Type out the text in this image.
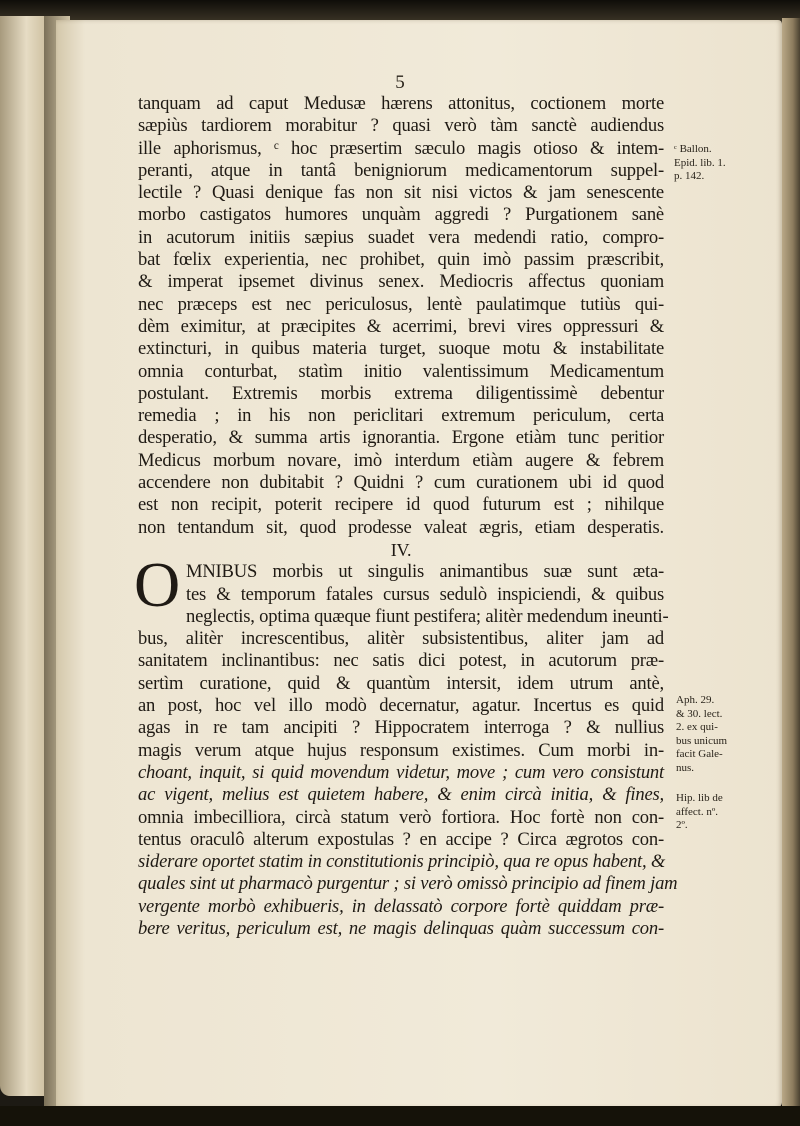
5
tanquam ad caput Medusæ hærens attonitus, coctionem morte
sæpiùs tardiorem morabitur ? quasi verò tàm sanctè audiendus
ille aphorismus, ᶜ hoc præsertim sæculo magis otioso & intem-
peranti, atque in tantâ benigniorum medicamentorum suppel-
lectile ? Quasi denique fas non sit nisi victos & jam senescente
morbo castigatos humores unquàm aggredi ? Purgationem sanè
in acutorum initiis sæpius suadet vera medendi ratio, compro-
bat fœlix experientia, nec prohibet, quin imò passim præscribit,
& imperat ipsemet divinus senex. Mediocris affectus quoniam
nec præceps est nec periculosus, lentè paulatimque tutiùs qui-
dèm eximitur, at præcipites & acerrimi, brevi vires oppressuri &
extincturi, in quibus materia turget, suoque motu & instabilitate
omnia conturbat, statìm initio valentissimum Medicamentum
postulant. Extremis morbis extrema diligentissimè debentur
remedia ; in his non periclitari extremum periculum, certa
desperatio, & summa artis ignorantia. Ergone etiàm tunc peritior
Medicus morbum novare, imò interdum etiàm augere & febrem
accendere non dubitabit ? Quidni ? cum curationem ubi id quod
est non recipit, poterit recipere id quod futurum est ; nihilque
non tentandum sit, quod prodesse valeat ægris, etiam desperatis.
IV.
O MNIBUS morbis ut singulis animantibus suæ sunt æta-
tes & temporum fatales cursus sedulò inspiciendi, & quibus
neglectis, optima quæque fiunt pestifera; alitèr medendum ineunti-
bus, alitèr increscentibus, alitèr subsistentibus, aliter jam ad
sanitatem inclinantibus: nec satis dici potest, in acutorum præ-
sertìm curatione, quid & quantùm intersit, idem utrum antè,
an post, hoc vel illo modò decernatur, agatur. Incertus es quid
agas in re tam ancipiti ? Hippocratem interroga ? & nullius
magis verum atque hujus responsum existimes. Cum morbi in-
choant, inquit, si quid movendum videtur, move ; cum vero consistunt
ac vigent, melius est quietem habere, & enim circà initia, & fines,
omnia imbecilliora, circà statum verò fortiora. Hoc fortè non con-
tentus oraculô alterum expostulas ? en accipe ? Circa ægrotos con-
siderare oportet statim in constitutionis principiò, qua re opus habent, &
quales sint ut pharmacò purgentur ; si verò omissò principio ad finem jam
vergente morbò exhibueris, in delassatò corpore fortè quiddam præ-
bere veritus, periculum est, ne magis delinquas quàm successum con-
ᶜ Ballon.
Epid. lib. 1.
p. 142.
Aph. 29.
& 30. lect.
2. ex qui-
bus unicum
facit Gale-
nus.
Hip. lib de
affect. nº.
2º.
